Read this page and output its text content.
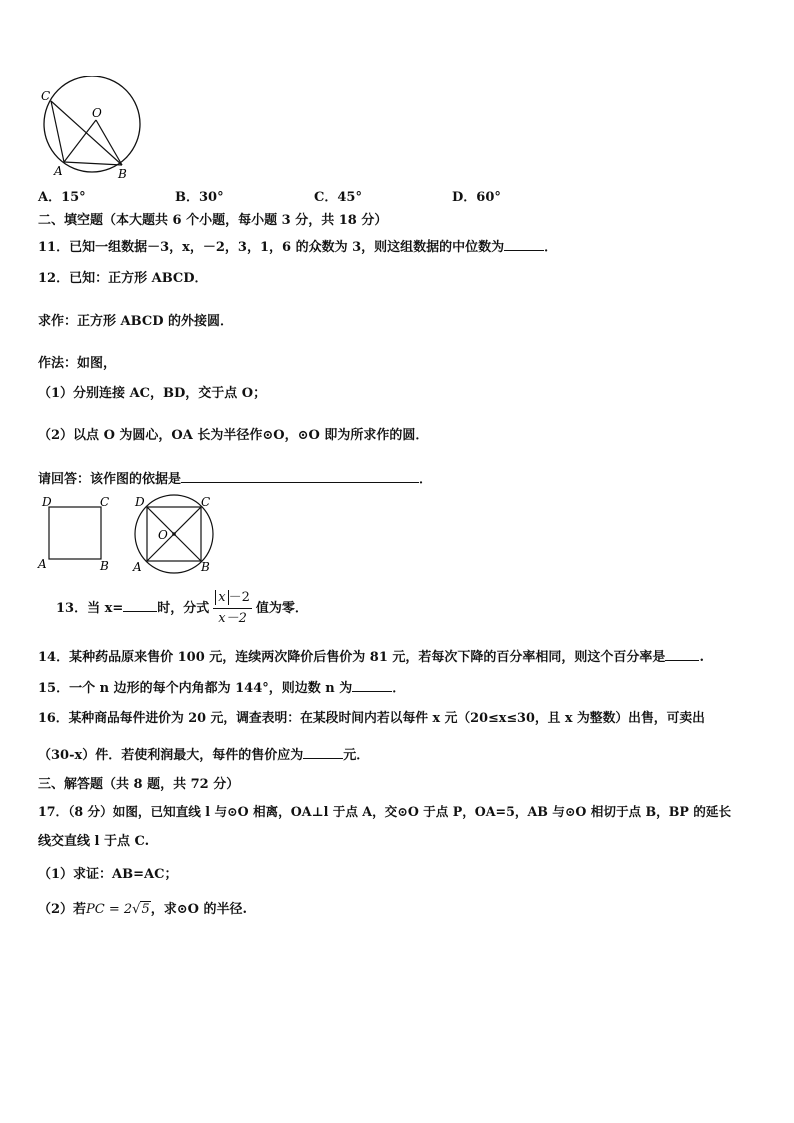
C
O
A	B
A．15°	B．30°	C．45°	D．60°
二、填空题（本大题共 6 个小题，每小题 3 分，共 18 分）
11．已知一组数据－3，x，－2，3，1，6 的众数为 3，则这组数据的中位数为	．
12．已知：正方形 ABCD．
求作：正方形 ABCD 的外接圆．
作法：如图，
（1）分别连接 AC，BD，交于点 O；
（2）以点 O 为圆心，OA 长为半径作⊙O，⊙O 即为所求作的圆．
请回答：该作图的依据是	．
D	C
A	B
D	C
O
A	B
13．当 x=	时，分式 $\frac{x -2}{x-2}$ 值为零．
14．某种药品原来售价 100 元，连续两次降价后售价为 81 元，若每次下降的百分率相同，则这个百分率是	.
15．一个 n 边形的每个内角都为 144°，则边数 n 为	．
16．某种商品每件进价为 20 元，调查表明：在某段时间内若以每件 x 元（20≤x≤30，且 x 为整数）出售，可卖出
（30-x）件．若使利润最大，每件的售价应为	元．
三、解答题（共 8 题，共 72 分）
17．（8 分）如图，已知直线 l 与⊙O 相离，OA⊥l 于点 A，交⊙O 于点 P，OA=5，AB 与⊙O 相切于点 B，BP 的延长
线交直线 l 于点 C.
（1）求证：AB=AC；
（2）若PC = 2√5，求⊙O 的半径.
